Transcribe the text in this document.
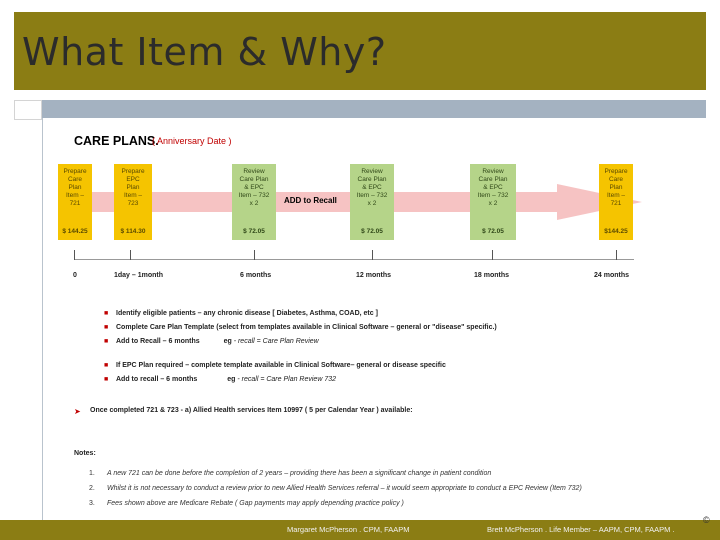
What Item & Why?
CARE PLANS.
( Anniversary Date )
Prepare
Care
Plan
Item –
721
$ 144.25
Prepare
EPC
Plan
Item –
723
$ 114.30
Review
Care Plan
& EPC
Item – 732
x 2
$ 72.05
Review
Care Plan
& EPC
Item – 732
x 2
$ 72.05
Review
Care Plan
& EPC
Item – 732
x 2
$ 72.05
Prepare
Care
Plan
Item –
721
$144.25
ADD to Recall
0	1day – 1month	6 months	12 months	18 months	24 months
■ Identify eligible patients – any chronic disease [ Diabetes, Asthma, COAD, etc ]
■ Complete Care Plan Template (select from templates available in Clinical Software – general or "disease" specific.)
■ Add to Recall – 6 months	eg - recall = Care Plan Review
■ If EPC Plan required – complete template available in Clinical Software– general or disease specific
■ Add to recall – 6 months	eg - recall = Care Plan Review 732
➤ Once completed 721 & 723 - a) Allied Health services Item 10997 ( 5 per Calendar Year ) available:
Notes:
1. A new 721 can be done before the completion of 2 years – providing there has been a significant change in patient condition
2. Whilst it is not necessary to conduct a review prior to new Allied Health Services referral – it would seem appropriate to conduct a EPC Review (Item 732)
3. Fees shown above are Medicare Rebate ( Gap payments may apply depending practice policy )
Margaret McPherson . CPM, FAAPM	Brett McPherson . Life Member – AAPM, CPM, FAAPM .
©
